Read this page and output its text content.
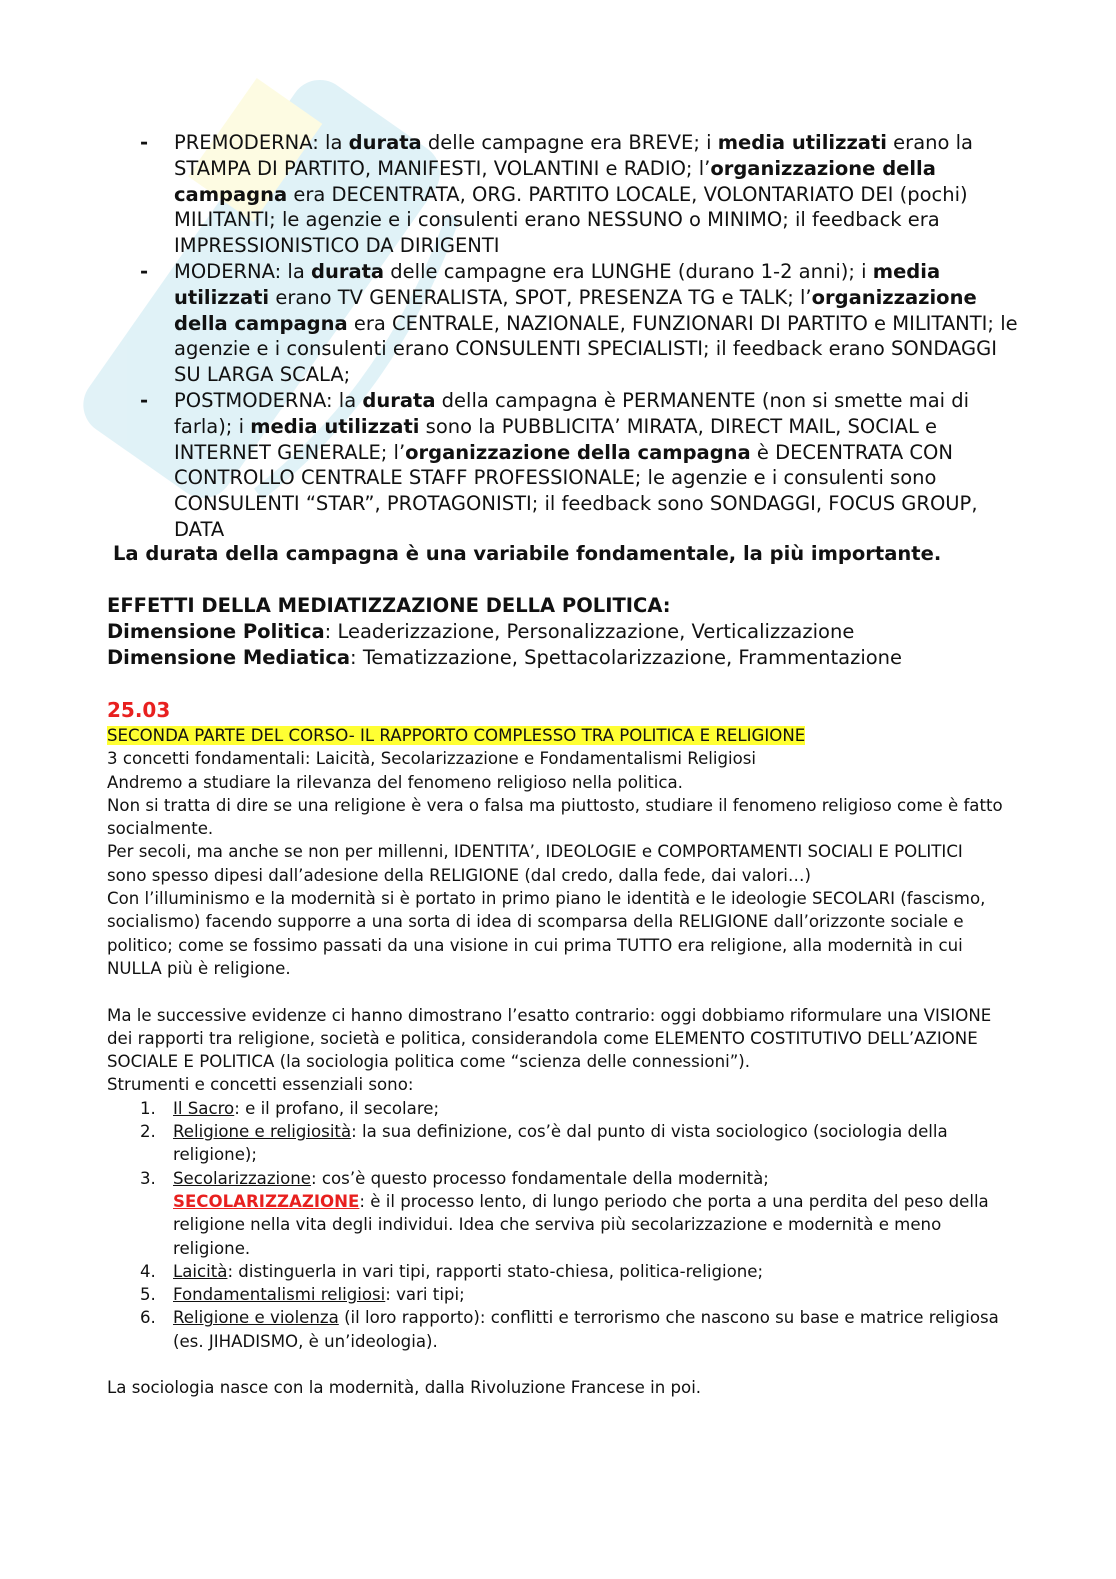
- PREMODERNA: la durata delle campagne era BREVE; i media utilizzati erano la STAMPA DI PARTITO, MANIFESTI, VOLANTINI e RADIO; l’organizzazione della campagna era DECENTRATA, ORG. PARTITO LOCALE, VOLONTARIATO DEI (pochi) MILITANTI; le agenzie e i consulenti erano NESSUNO o MINIMO; il feedback era IMPRESSIONISTICO DA DIRIGENTI
- MODERNA: la durata delle campagne era LUNGHE (durano 1-2 anni); i media utilizzati erano TV GENERALISTA, SPOT, PRESENZA TG e TALK; l’organizzazione della campagna era CENTRALE, NAZIONALE, FUNZIONARI DI PARTITO e MILITANTI; le agenzie e i consulenti erano CONSULENTI SPECIALISTI; il feedback erano SONDAGGI SU LARGA SCALA;
- POSTMODERNA: la durata della campagna è PERMANENTE (non si smette mai di farla); i media utilizzati sono la PUBBLICITA’ MIRATA, DIRECT MAIL, SOCIAL e INTERNET GENERALE; l’organizzazione della campagna è DECENTRATA CON CONTROLLO CENTRALE STAFF PROFESSIONALE; le agenzie e i consulenti sono CONSULENTI “STAR”, PROTAGONISTI; il feedback sono SONDAGGI, FOCUS GROUP, DATA
La durata della campagna è una variabile fondamentale, la più importante.
EFFETTI DELLA MEDIATIZZAZIONE DELLA POLITICA:
Dimensione Politica: Leaderizzazione, Personalizzazione, Verticalizzazione
Dimensione Mediatica: Tematizzazione, Spettacolarizzazione, Frammentazione
25.03
SECONDA PARTE DEL CORSO- IL RAPPORTO COMPLESSO TRA POLITICA E RELIGIONE
3 concetti fondamentali: Laicità, Secolarizzazione e Fondamentalismi Religiosi
Andremo a studiare la rilevanza del fenomeno religioso nella politica.
Non si tratta di dire se una religione è vera o falsa ma piuttosto, studiare il fenomeno religioso come è fatto socialmente.
Per secoli, ma anche se non per millenni, IDENTITA’, IDEOLOGIE e COMPORTAMENTI SOCIALI E POLITICI sono spesso dipesi dall’adesione della RELIGIONE (dal credo, dalla fede, dai valori…)
Con l’illuminismo e la modernità si è portato in primo piano le identità e le ideologie SECOLARI (fascismo, socialismo) facendo supporre a una sorta di idea di scomparsa della RELIGIONE dall’orizzonte sociale e politico; come se fossimo passati da una visione in cui prima TUTTO era religione, alla modernità in cui NULLA più è religione.
Ma le successive evidenze ci hanno dimostrano l’esatto contrario: oggi dobbiamo riformulare una VISIONE dei rapporti tra religione, società e politica, considerandola come ELEMENTO COSTITUTIVO DELL’AZIONE SOCIALE E POLITICA (la sociologia politica come “scienza delle connessioni”).
Strumenti e concetti essenziali sono:
1. Il Sacro: e il profano, il secolare;
2. Religione e religiosità: la sua definizione, cos’è dal punto di vista sociologico (sociologia della religione);
3. Secolarizzazione: cos’è questo processo fondamentale della modernità;
SECOLARIZZAZIONE: è il processo lento, di lungo periodo che porta a una perdita del peso della religione nella vita degli individui. Idea che serviva più secolarizzazione e modernità e meno religione.
4. Laicità: distinguerla in vari tipi, rapporti stato-chiesa, politica-religione;
5. Fondamentalismi religiosi: vari tipi;
6. Religione e violenza (il loro rapporto): conflitti e terrorismo che nascono su base e matrice religiosa (es. JIHADISMO, è un’ideologia).
La sociologia nasce con la modernità, dalla Rivoluzione Francese in poi.
